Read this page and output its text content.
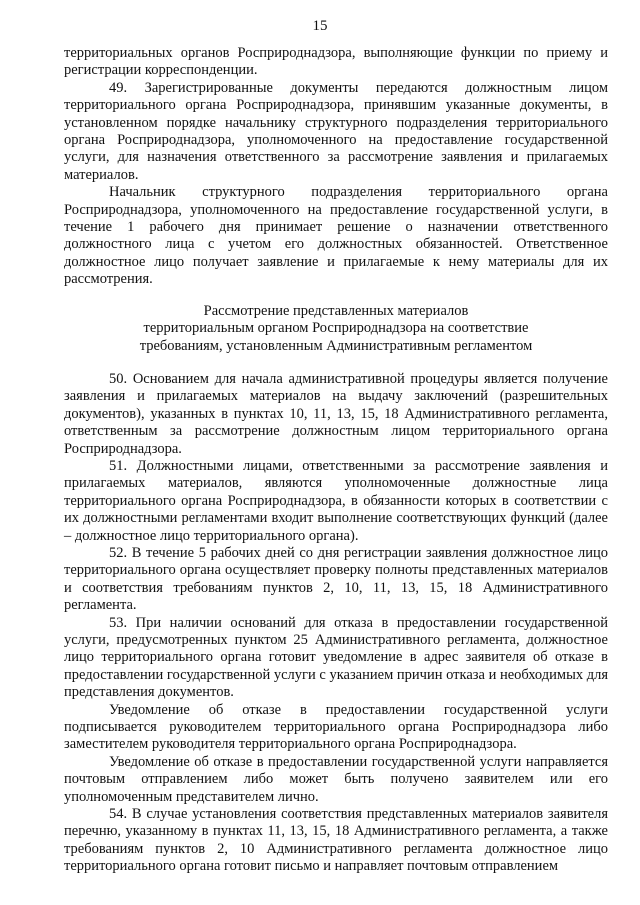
15

территориальных органов Росприроднадзора, выполняющие функции по приему и регистрации корреспонденции.

49. Зарегистрированные документы передаются должностным лицом территориального органа Росприроднадзора, принявшим указанные документы, в установленном порядке начальнику структурного подразделения территориального органа Росприроднадзора, уполномоченного на предоставление государственной услуги, для назначения ответственного за рассмотрение заявления и прилагаемых материалов.

Начальник структурного подразделения территориального органа Росприроднадзора, уполномоченного на предоставление государственной услуги, в течение 1 рабочего дня принимает решение о назначении ответственного должностного лица с учетом его должностных обязанностей. Ответственное должностное лицо получает заявление и прилагаемые к нему материалы для их рассмотрения.

Рассмотрение представленных материалов
территориальным органом Росприроднадзора на соответствие
требованиям, установленным Административным регламентом

50. Основанием для начала административной процедуры является получение заявления и прилагаемых материалов на выдачу заключений (разрешительных документов), указанных в пунктах 10, 11, 13, 15, 18 Административного регламента, ответственным за рассмотрение должностным лицом территориального органа Росприроднадзора.

51. Должностными лицами, ответственными за рассмотрение заявления и прилагаемых материалов, являются уполномоченные должностные лица территориального органа Росприроднадзора, в обязанности которых в соответствии с их должностными регламентами входит выполнение соответствующих функций (далее – должностное лицо территориального органа).

52. В течение 5 рабочих дней со дня регистрации заявления должностное лицо территориального органа осуществляет проверку полноты представленных материалов и соответствия требованиям пунктов 2, 10, 11, 13, 15, 18 Административного регламента.

53. При наличии оснований для отказа в предоставлении государственной услуги, предусмотренных пунктом 25 Административного регламента, должностное лицо территориального органа готовит уведомление в адрес заявителя об отказе в предоставлении государственной услуги с указанием причин отказа и необходимых для представления документов.

Уведомление об отказе в предоставлении государственной услуги подписывается руководителем территориального органа Росприроднадзора либо заместителем руководителя территориального органа Росприроднадзора.

Уведомление об отказе в предоставлении государственной услуги направляется почтовым отправлением либо может быть получено заявителем или его уполномоченным представителем лично.

54. В случае установления соответствия представленных материалов заявителя перечню, указанному в пунктах 11, 13, 15, 18 Административного регламента, а также требованиям пунктов 2, 10 Административного регламента должностное лицо территориального органа готовит письмо и направляет почтовым отправлением
